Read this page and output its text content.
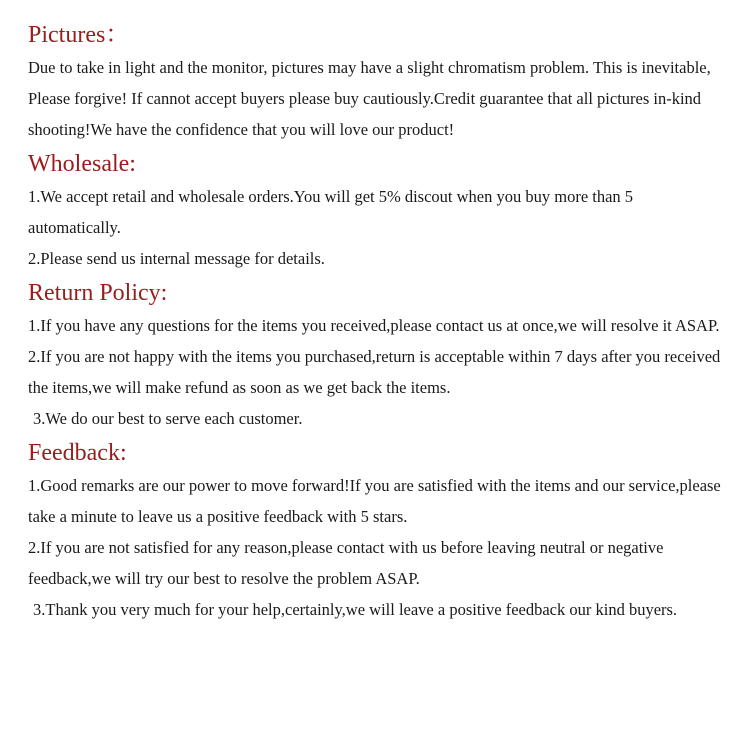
Pictures：

Due to take in light and the monitor, pictures may have a slight chromatism problem. This is inevitable, Please forgive! If cannot accept buyers please buy cautiously.Credit guarantee that all pictures in-kind shooting!We have the confidence that you will love our product!

Wholesale:

1.We accept retail and wholesale orders.You will get 5% discout when you buy more than 5 automatically.

2.Please send us internal message for details.

Return Policy:

1.If you have any questions for the items you received,please contact us at once,we will resolve it ASAP.

2.If you are not happy with the items you purchased,return is acceptable within 7 days after you received the items,we will make refund as soon as we get back the items.

3.We do our best to serve each customer.

Feedback:

1.Good remarks are our power to move forward!If you are satisfied with the items and our service,please take a minute to leave us a positive feedback with 5 stars.

2.If you are not satisfied for any reason,please contact with us before leaving neutral or negative feedback,we will try our best to resolve the problem ASAP.

3.Thank you very much for your help,certainly,we will leave a positive feedback our kind buyers.
